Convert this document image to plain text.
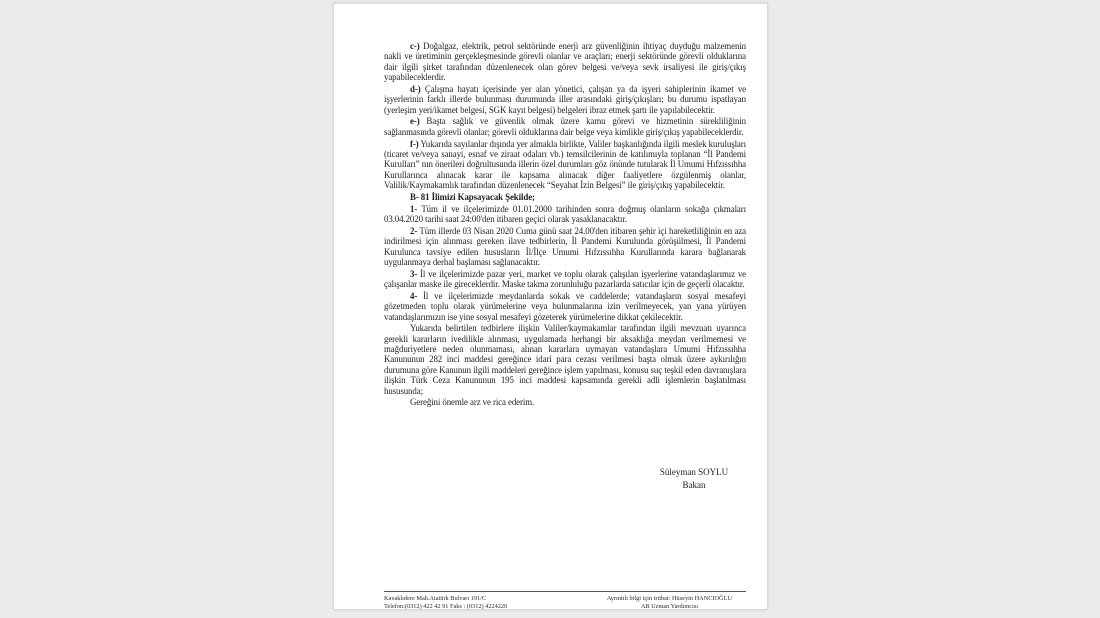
c-) Doğalgaz, elektrik, petrol sektöründe enerji arz güvenliğinin ihtiyaç duyduğu malzemenin nakli ve üretiminin gerçekleşmesinde görevli olanlar ve araçları; enerji sektöründe görevli olduklarına dair ilgili şirket tarafından düzenlenecek olan görev belgesi ve/veya sevk irsaliyesi ile giriş/çıkış yapabileceklerdir.

d-) Çalışma hayatı içerisinde yer alan yönetici, çalışan ya da işyeri sahiplerinin ikamet ve işyerlerinin farklı illerde bulunması durumunda iller arasındaki giriş/çıkışları; bu durumu ispatlayan (yerleşim yeri/ikamet belgesi, SGK kayıt belgesi) belgeleri ibraz etmek şartı ile yapılabilecektir.

e-) Başta sağlık ve güvenlik olmak üzere kamu görevi ve hizmetinin sürekliliğinin sağlanmasında görevli olanlar; görevli olduklarına dair belge veya kimlikle giriş/çıkış yapabileceklerdir.

f-) Yukarıda sayılanlar dışında yer almakla birlikte, Valiler başkanlığında ilgili meslek kuruluşları (ticaret ve/veya sanayi, esnaf ve ziraat odaları vb.) temsilcilerinin de katılımıyla toplanan “İl Pandemi Kurulları” nın önerileri doğrultusunda illerin özel durumları göz önünde tutularak İl Umumi Hıfzıssıhha Kurullarınca alınacak karar ile kapsama alınacak diğer faaliyetlere özgülenmiş olanlar, Valilik/Kaymakamlık tarafından düzenlenecek “Seyahat İzin Belgesi” ile giriş/çıkış yapabilecektir.

B- 81 İlimizi Kapsayacak Şekilde;

1- Tüm il ve ilçelerimizde 01.01.2000 tarihinden sonra doğmuş olanların sokağa çıkmaları 03.04.2020 tarihi saat 24:00'den itibaren geçici olarak yasaklanacaktır.

2- Tüm illerde 03 Nisan 2020 Cuma günü saat 24.00'den itibaren şehir içi hareketliliğinin en aza indirilmesi için alınması gereken ilave tedbirlerin, İl Pandemi Kurulunda görüşülmesi, İl Pandemi Kurulunca tavsiye edilen hususların İl/İlçe Umumi Hıfzıssıhha Kurullarında karara bağlanarak uygulanmaya derhal başlaması sağlanacaktır.

3- İl ve ilçelerimizde pazar yeri, market ve toplu olarak çalışılan işyerlerine vatandaşlarımız ve çalışanlar maske ile gireceklerdir. Maske takma zorunluluğu pazarlarda satıcılar için de geçerli olacaktır.

4- İl ve ilçelerimizde meydanlarda sokak ve caddelerde; vatandaşların sosyal mesafeyi gözetmeden toplu olarak yürümelerine veya bulunmalarına izin verilmeyecek, yan yana yürüyen vatandaşlarımızın ise yine sosyal mesafeyi gözeterek yürümelerine dikkat çekilecektir.

Yukarıda belirtilen tedbirlere ilişkin Valiler/kaymakamlar tarafından ilgili mevzuatı uyarınca gerekli kararların ivedilikle alınması, uygulamada herhangi bir aksaklığa meydan verilmemesi ve mağduriyetlere neden olunmaması, alınan kararlara uymayan vatandaşlara Umumi Hıfzıssıhha Kanununun 282 inci maddesi gereğince idari para cezası verilmesi başta olmak üzere aykırılığın durumuna göre Kanunun ilgili maddeleri gereğince işlem yapılması, konusu suç teşkil eden davranışlara ilişkin Türk Ceza Kanununun 195 inci maddesi kapsamında gerekli adli işlemlerin başlatılması hususunda;

Gereğini önemle arz ve rica ederim.

Süleyman SOYLU
Bakan
Kavaklıdere Mah.Atatürk Bulvarı 191/C
Telefon:(0312) 422 42 91 Faks : (0312) 4224220
Ayrıntılı bilgi için irtibat: Hüseyin HANCIOĞLU
AB Uzman Yardımcısı
